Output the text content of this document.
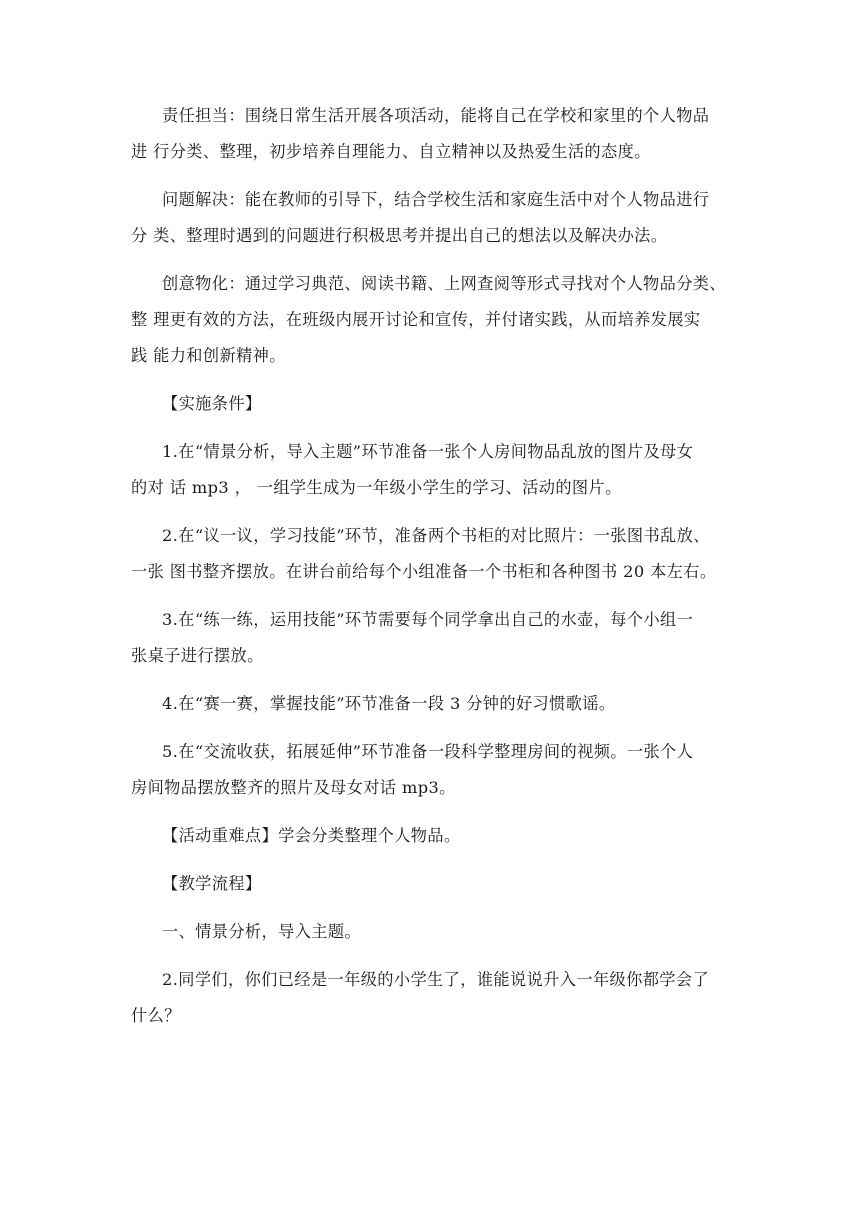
责任担当：围绕日常生活开展各项活动，能将自己在学校和家里的个人物品
进 行分类、整理，初步培养自理能力、自立精神以及热爱生活的态度。
问题解决：能在教师的引导下，结合学校生活和家庭生活中对个人物品进行
分 类、整理时遇到的问题进行积极思考并提出自己的想法以及解决办法。
创意物化：通过学习典范、阅读书籍、上网查阅等形式寻找对个人物品分类、
整 理更有效的方法，在班级内展开讨论和宣传，并付诸实践，从而培养发展实
践 能力和创新精神。
【实施条件】
1.在“情景分析，导入主题”环节准备一张个人房间物品乱放的图片及母女
的对 话 mp3 ， 一组学生成为一年级小学生的学习、活动的图片。
2.在“议一议，学习技能”环节，准备两个书柜的对比照片：一张图书乱放、
一张 图书整齐摆放。在讲台前给每个小组准备一个书柜和各种图书 20 本左右。
3.在“练一练，运用技能”环节需要每个同学拿出自己的水壶，每个小组一
张桌子进行摆放。
4.在“赛一赛，掌握技能”环节准备一段 3 分钟的好习惯歌谣。
5.在“交流收获，拓展延伸”环节准备一段科学整理房间的视频。一张个人
房间物品摆放整齐的照片及母女对话 mp3。
【活动重难点】学会分类整理个人物品。
【教学流程】
一、情景分析，导入主题。
2.同学们，你们已经是一年级的小学生了，谁能说说升入一年级你都学会了
什么？
